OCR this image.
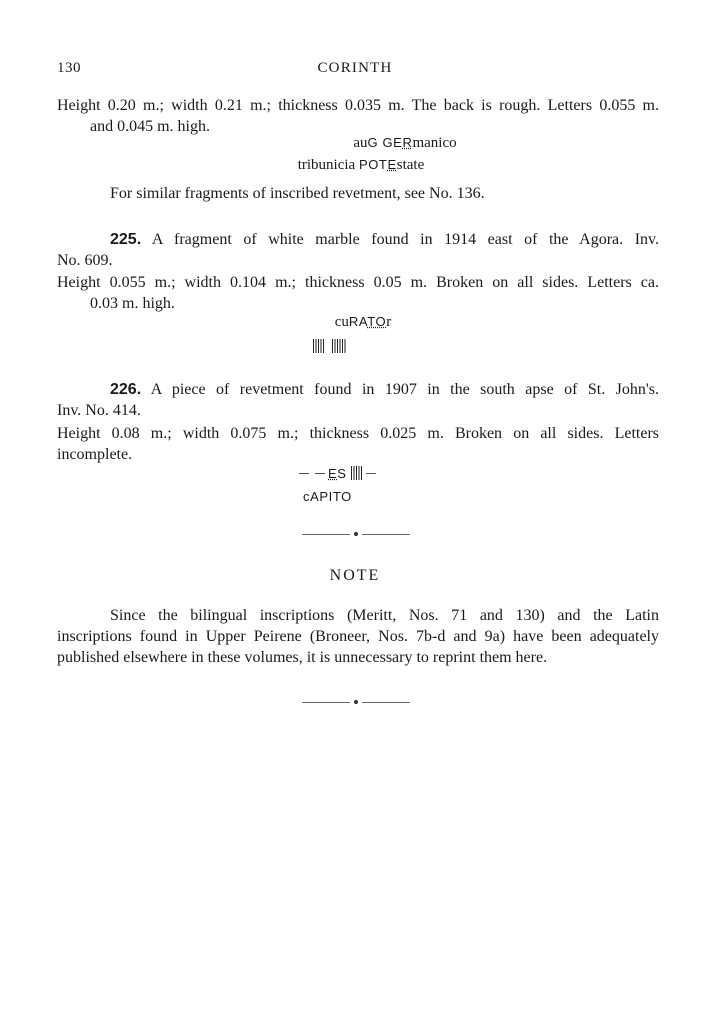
130	CORINTH
Height 0.20 m.; width 0.21 m.; thickness 0.035 m. The back is rough. Letters 0.055 m.
and 0.045 m. high.
auG GERmanico
tribunicia POTEstate
For similar fragments of inscribed revetment, see No. 136.
225. A fragment of white marble found in 1914 east of the Agora. Inv.
No. 609.
Height 0.055 m.; width 0.104 m.; thickness 0.05 m. Broken on all sides. Letters ca.
0.03 m. high.
cuRATOr

226. A piece of revetment found in 1907 in the south apse of St. John's.
Inv. No. 414.
Height 0.08 m.; width 0.075 m.; thickness 0.025 m. Broken on all sides. Letters
incomplete.
ES
cAPITO
NOTE
Since the bilingual inscriptions (Meritt, Nos. 71 and 130) and the Latin
inscriptions found in Upper Peirene (Broneer, Nos. 7b-d and 9a) have been adequately
published elsewhere in these volumes, it is unnecessary to reprint them here.
